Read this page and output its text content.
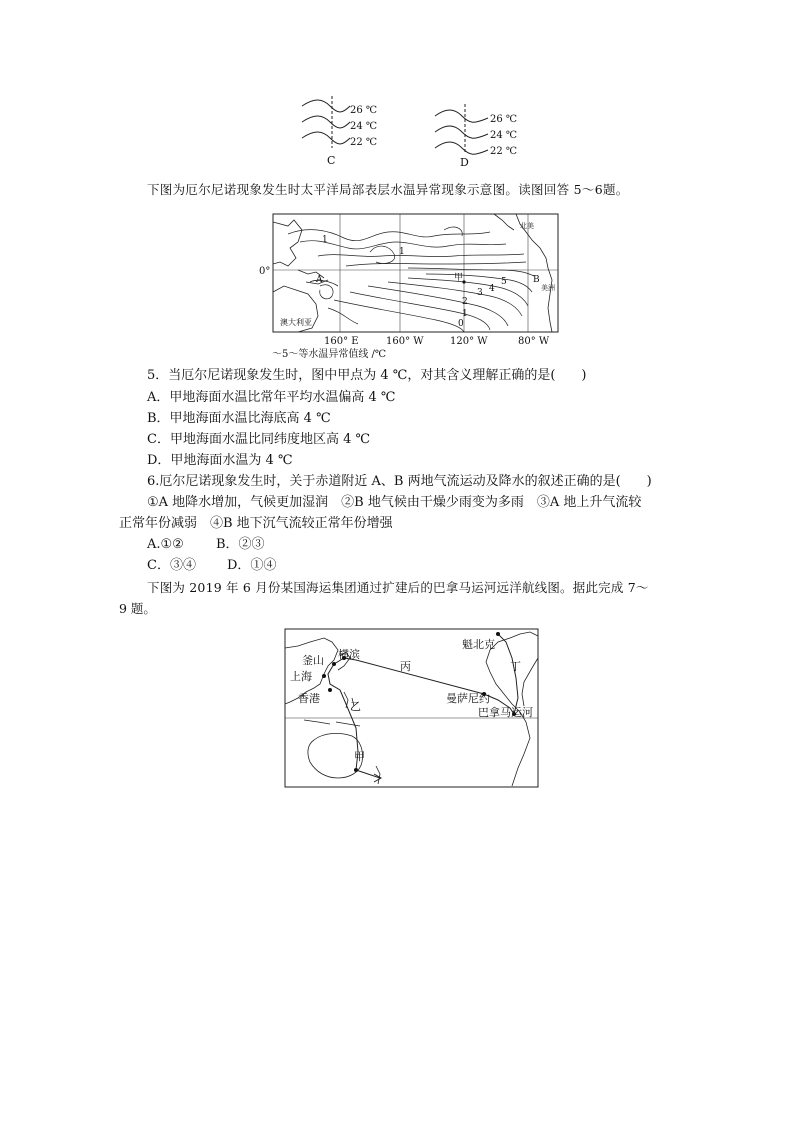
26 ℃
24 ℃
22 ℃
C
26 ℃
24 ℃
22 ℃
D
下图为厄尔尼诺现象发生时太平洋局部表层水温异常现象示意图。读图回答 5～6题。
0°
澳大利亚
1
1
甲	5
4
3
2
1
0
A	B
美洲
北美
160° E	160° W	120° W	80° W
～5～等水温异常值线 /℃
5．当厄尔尼诺现象发生时，图中甲点为 4 ℃，对其含义理解正确的是(　　)
A．甲地海面水温比常年平均水温偏高 4 ℃
B．甲地海面水温比海底高 4 ℃
C．甲地海面水温比同纬度地区高 4 ℃
D．甲地海面水温为 4 ℃
6.厄尔尼诺现象发生时，关于赤道附近 A、B 两地气流运动及降水的叙述正确的是(　　)
①A 地降水增加，气候更加湿润　②B 地气候由干燥少雨变为多雨　③A 地上升气流较
正常年份减弱　④B 地下沉气流较正常年份增强
A.①② B．②③
C．③④ D．①④
下图为 2019 年 6 月份某国海运集团通过扩建后的巴拿马运河远洋航线图。据此完成 7～
9 题。
釜山 横滨
上海
香港
丙
乙
甲
丁
魁北克
曼萨尼约
巴拿马运河
